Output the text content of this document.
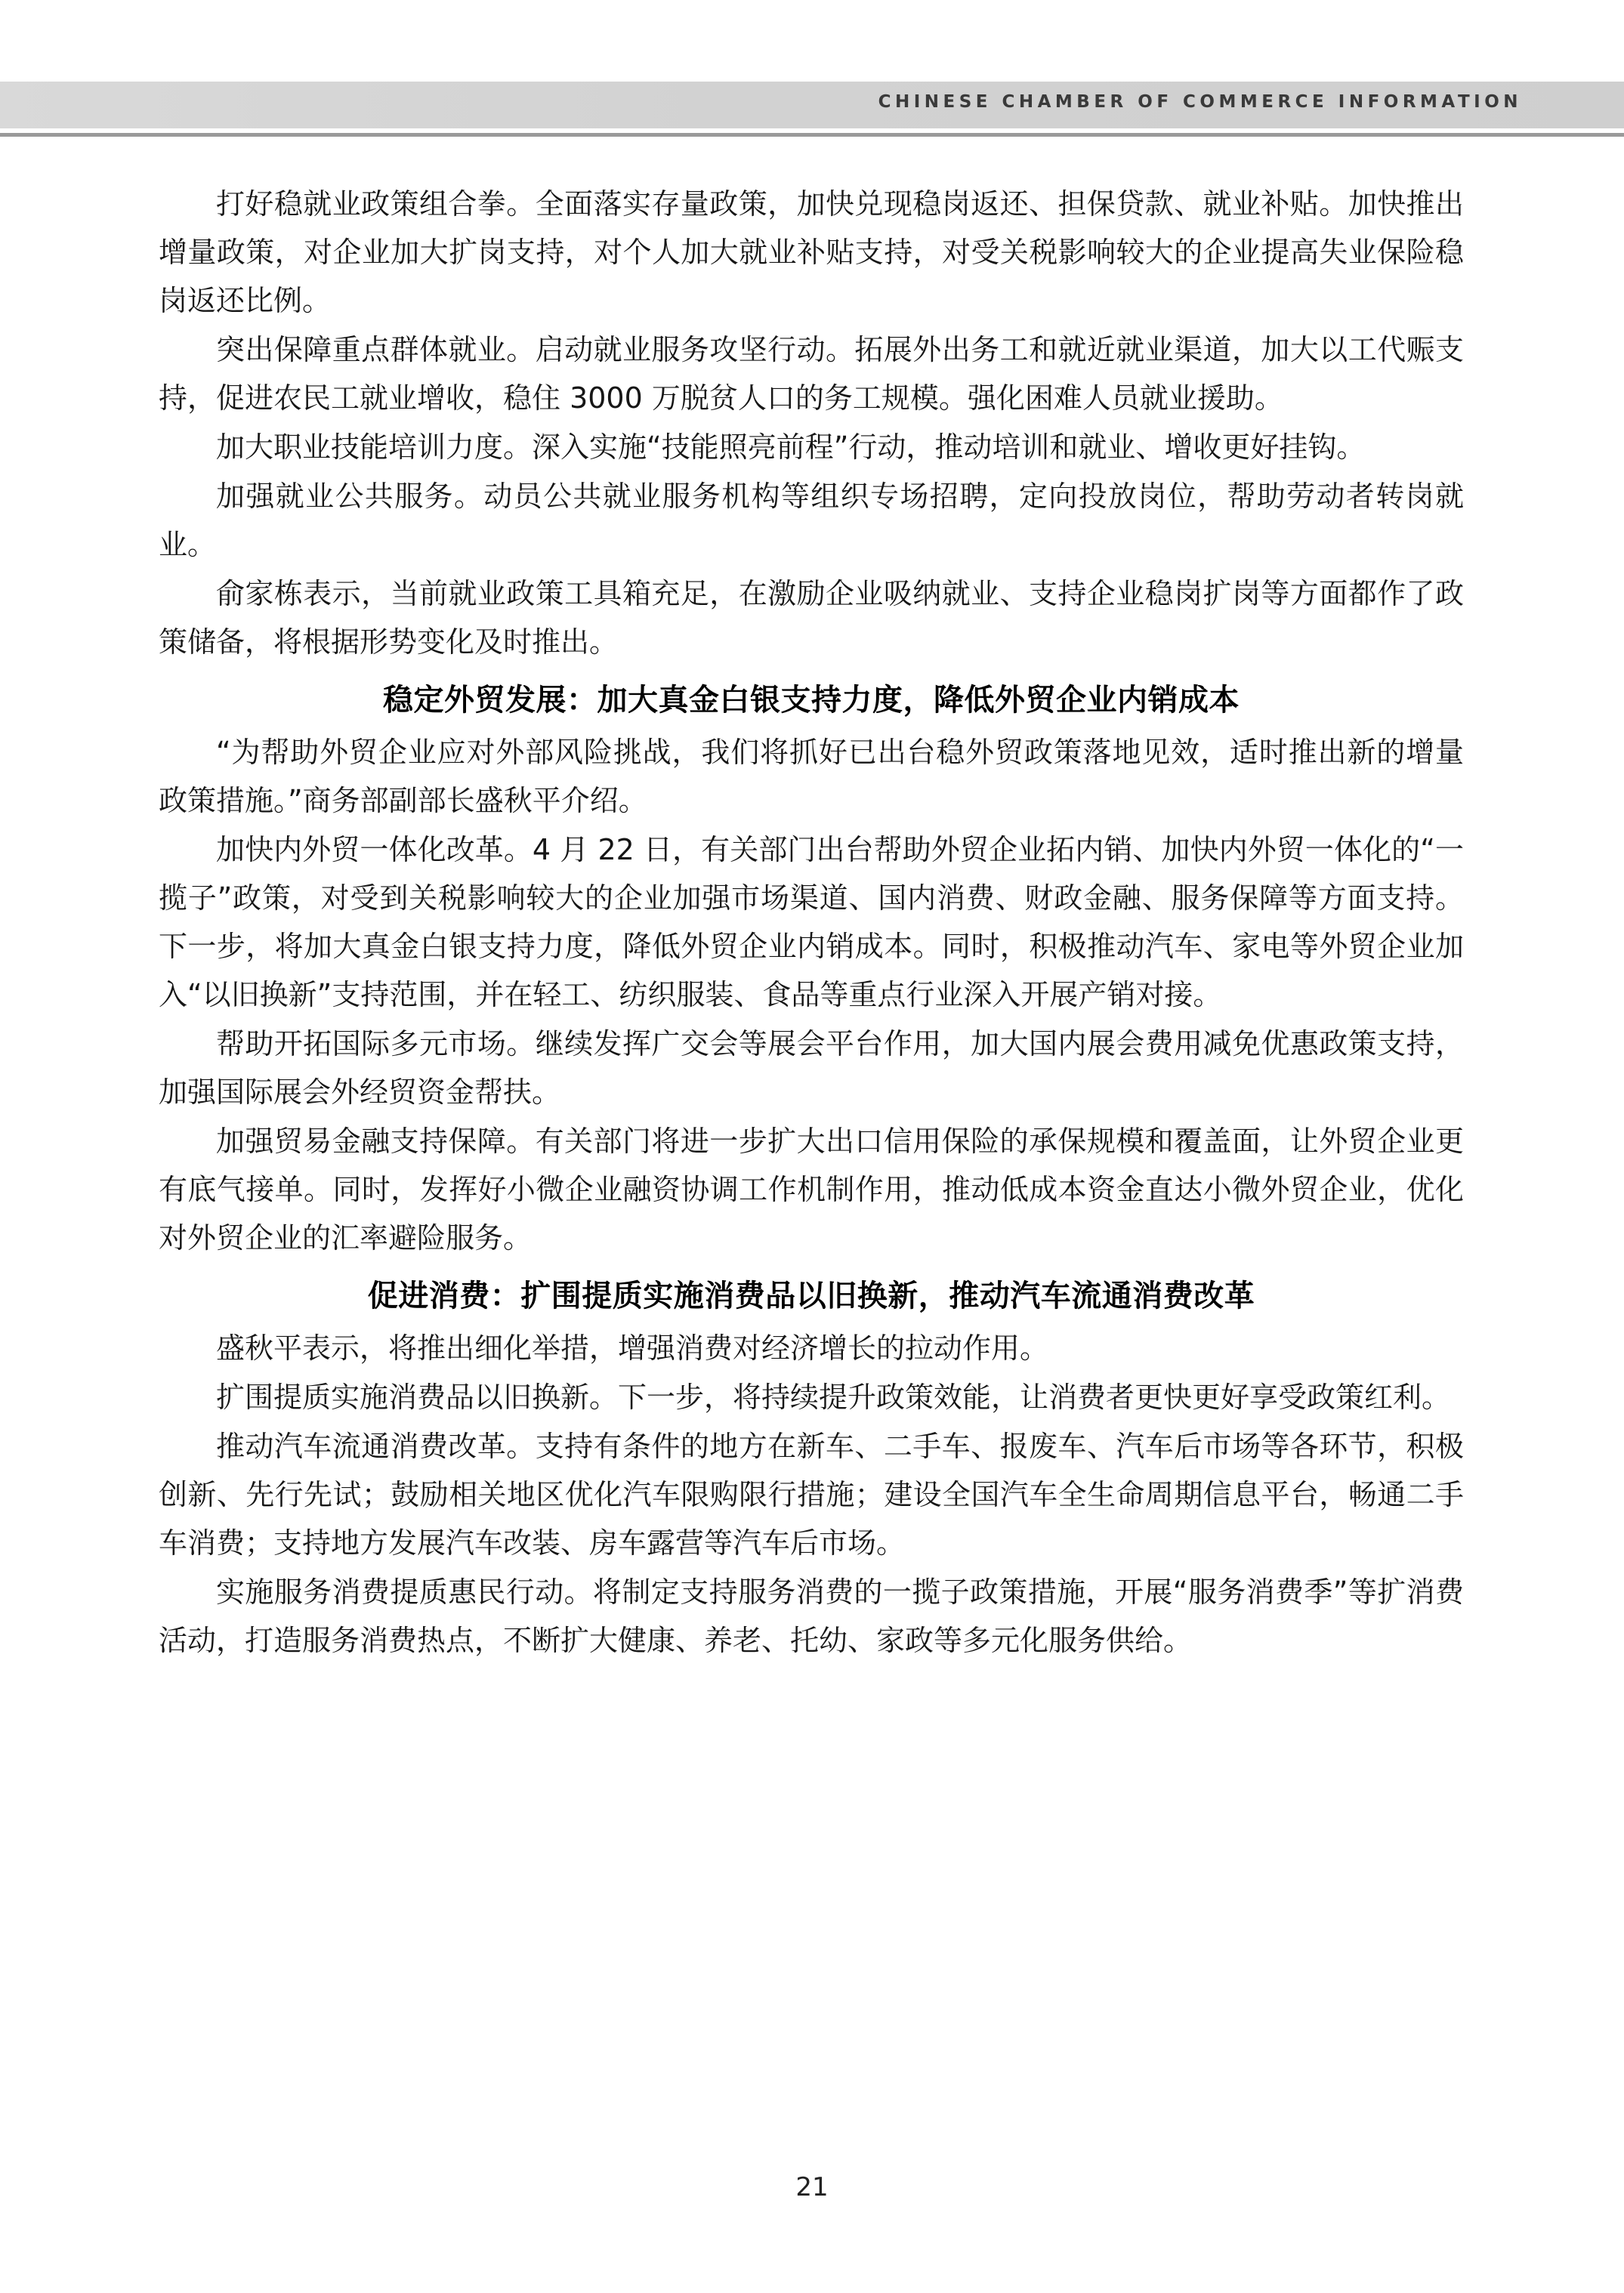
CHINESE CHAMBER OF COMMERCE INFORMATION

打好稳就业政策组合拳。全面落实存量政策，加快兑现稳岗返还、担保贷款、就业补贴。加快推出增量政策，对企业加大扩岗支持，对个人加大就业补贴支持，对受关税影响较大的企业提高失业保险稳岗返还比例。

突出保障重点群体就业。启动就业服务攻坚行动。拓展外出务工和就近就业渠道，加大以工代赈支持，促进农民工就业增收，稳住 3000 万脱贫人口的务工规模。强化困难人员就业援助。

加大职业技能培训力度。深入实施“技能照亮前程”行动，推动培训和就业、增收更好挂钩。

加强就业公共服务。动员公共就业服务机构等组织专场招聘，定向投放岗位，帮助劳动者转岗就业。

俞家栋表示，当前就业政策工具箱充足，在激励企业吸纳就业、支持企业稳岗扩岗等方面都作了政策储备，将根据形势变化及时推出。

稳定外贸发展：加大真金白银支持力度，降低外贸企业内销成本

“为帮助外贸企业应对外部风险挑战，我们将抓好已出台稳外贸政策落地见效，适时推出新的增量政策措施。”商务部副部长盛秋平介绍。

加快内外贸一体化改革。4 月 22 日，有关部门出台帮助外贸企业拓内销、加快内外贸一体化的“一揽子”政策，对受到关税影响较大的企业加强市场渠道、国内消费、财政金融、服务保障等方面支持。下一步，将加大真金白银支持力度，降低外贸企业内销成本。同时，积极推动汽车、家电等外贸企业加入“以旧换新”支持范围，并在轻工、纺织服装、食品等重点行业深入开展产销对接。

帮助开拓国际多元市场。继续发挥广交会等展会平台作用，加大国内展会费用减免优惠政策支持，加强国际展会外经贸资金帮扶。

加强贸易金融支持保障。有关部门将进一步扩大出口信用保险的承保规模和覆盖面，让外贸企业更有底气接单。同时，发挥好小微企业融资协调工作机制作用，推动低成本资金直达小微外贸企业，优化对外贸企业的汇率避险服务。

促进消费：扩围提质实施消费品以旧换新，推动汽车流通消费改革

盛秋平表示，将推出细化举措，增强消费对经济增长的拉动作用。

扩围提质实施消费品以旧换新。下一步，将持续提升政策效能，让消费者更快更好享受政策红利。

推动汽车流通消费改革。支持有条件的地方在新车、二手车、报废车、汽车后市场等各环节，积极创新、先行先试；鼓励相关地区优化汽车限购限行措施；建设全国汽车全生命周期信息平台，畅通二手车消费；支持地方发展汽车改装、房车露营等汽车后市场。

实施服务消费提质惠民行动。将制定支持服务消费的一揽子政策措施，开展“服务消费季”等扩消费活动，打造服务消费热点，不断扩大健康、养老、托幼、家政等多元化服务供给。

21
